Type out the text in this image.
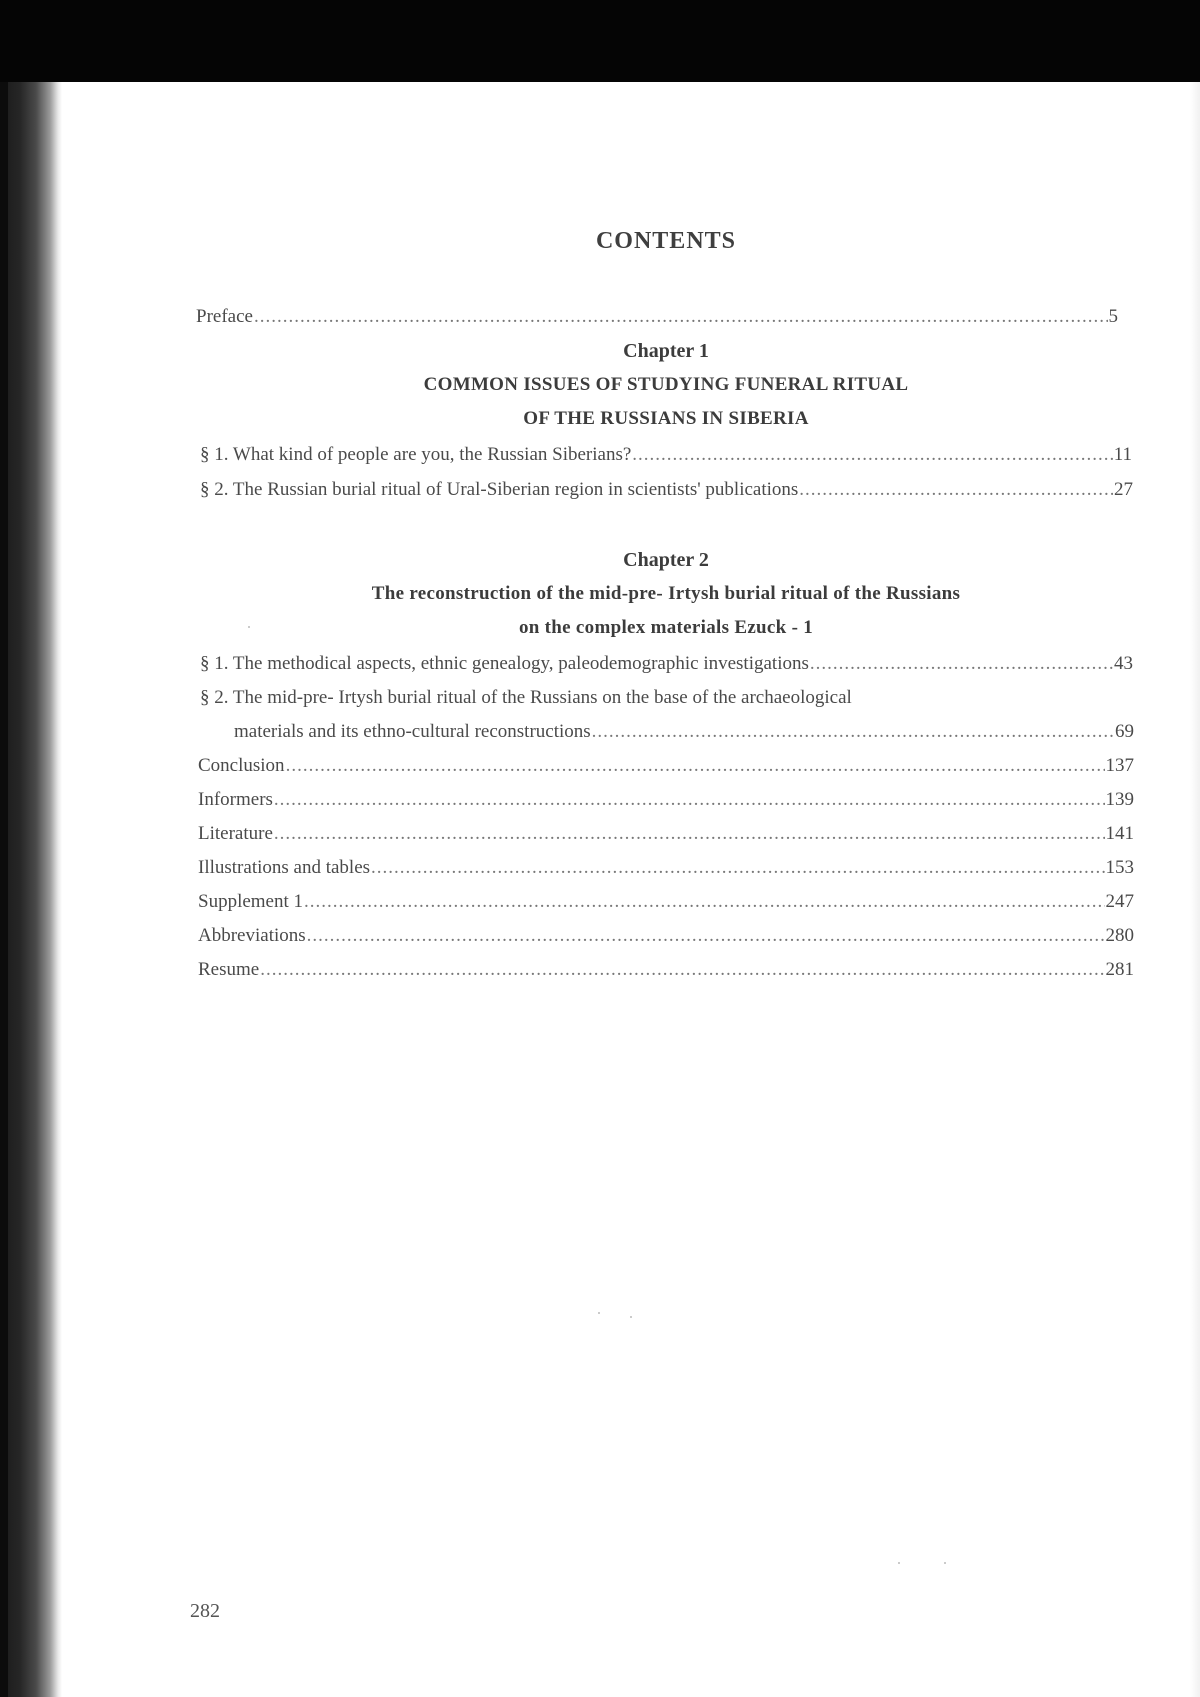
CONTENTS
Preface .....	5
Chapter 1
COMMON ISSUES OF STUDYING FUNERAL RITUAL
OF THE RUSSIANS IN SIBERIA
§ 1. What kind of people are you, the Russian Siberians? .....	11
§ 2. The Russian burial ritual of Ural-Siberian region in scientists' publications .....	27
Chapter 2
The reconstruction of the mid-pre- Irtysh burial ritual of the Russians
on the complex materials Ezuck - 1
§ 1. The methodical aspects, ethnic genealogy, paleodemographic investigations .....	43
§ 2. The mid-pre- Irtysh burial ritual of the Russians on the base of the archaeological
materials and its ethno-cultural reconstructions .....	69
Conclusion .....	137
Informers .....	139
Literature .....	141
Illustrations and tables .....	153
Supplement 1 .....	247
Abbreviations .....	280
Resume .....	281
282
